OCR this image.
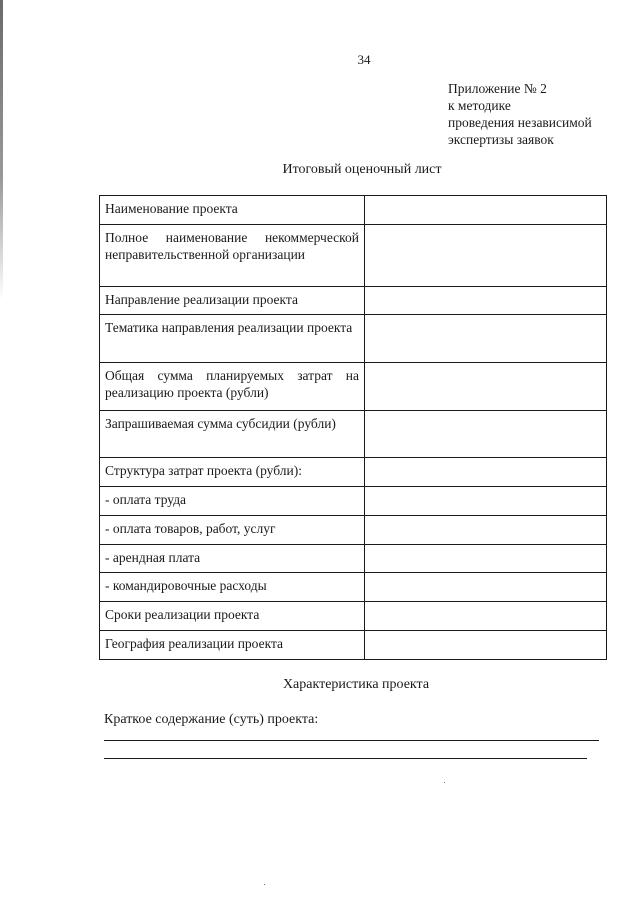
34
Приложение № 2
к методике
проведения независимой
экспертизы заявок
Итоговый оценочный лист
Наименование проекта	
Полное наименование некоммерческой неправительственной организации	
Направление реализации проекта	
Тематика направления реализации проекта	
Общая сумма планируемых затрат на реализацию проекта (рубли)	
Запрашиваемая сумма субсидии (рубли)	
Структура затрат проекта (рубли):	
- оплата труда	
- оплата товаров, работ, услуг	
- арендная плата	
- командировочные расходы	
Сроки реализации проекта	
География реализации проекта	
Характеристика проекта
Краткое содержание (суть) проекта:
